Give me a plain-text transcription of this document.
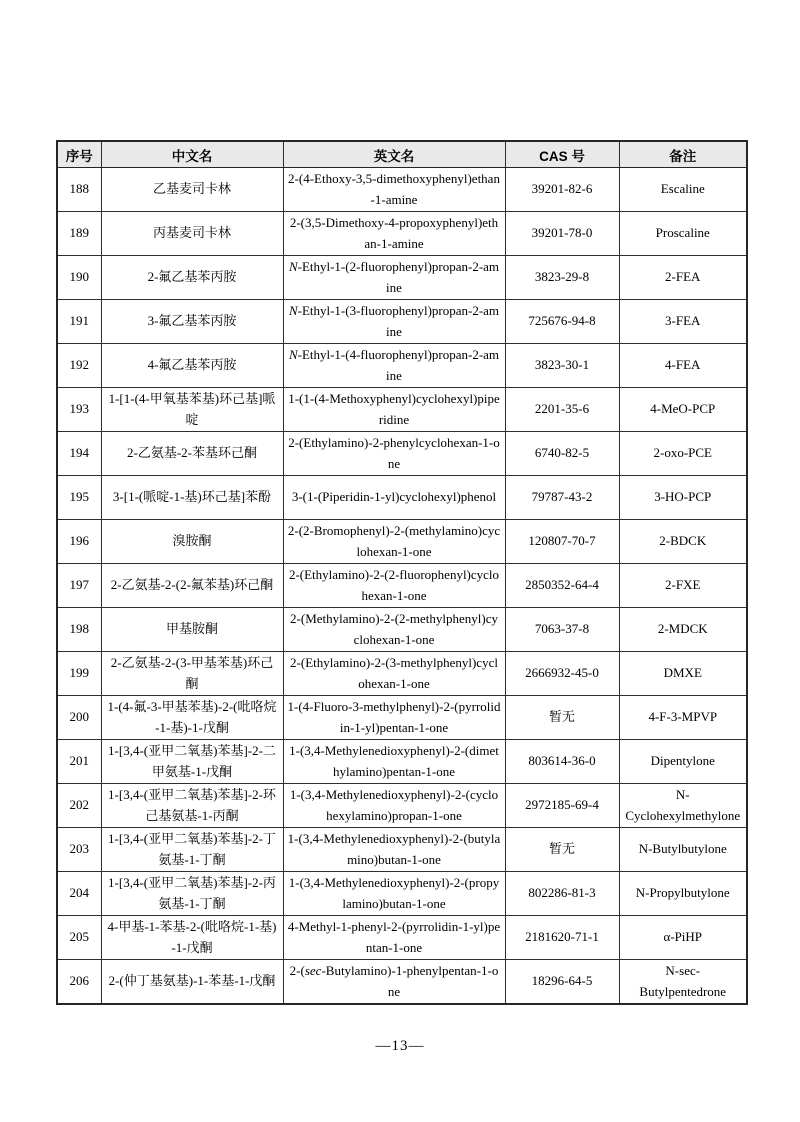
序号	中文名	英文名	CAS 号	备注
188	乙基麦司卡林	2-(4-Ethoxy-3,5-dimethoxyphenyl)ethan-1-amine	39201-82-6	Escaline
189	丙基麦司卡林	2-(3,5-Dimethoxy-4-propoxyphenyl)ethan-1-amine	39201-78-0	Proscaline
190	2-氟乙基苯丙胺	N-Ethyl-1-(2-fluorophenyl)propan-2-amine	3823-29-8	2-FEA
191	3-氟乙基苯丙胺	N-Ethyl-1-(3-fluorophenyl)propan-2-amine	725676-94-8	3-FEA
192	4-氟乙基苯丙胺	N-Ethyl-1-(4-fluorophenyl)propan-2-amine	3823-30-1	4-FEA
193	1-[1-(4-甲氧基苯基)环己基]哌啶	1-(1-(4-Methoxyphenyl)cyclohexyl)piperidine	2201-35-6	4-MeO-PCP
194	2-乙氨基-2-苯基环己酮	2-(Ethylamino)-2-phenylcyclohexan-1-one	6740-82-5	2-oxo-PCE
195	3-[1-(哌啶-1-基)环己基]苯酚	3-(1-(Piperidin-1-yl)cyclohexyl)phenol	79787-43-2	3-HO-PCP
196	溴胺酮	2-(2-Bromophenyl)-2-(methylamino)cyclohexan-1-one	120807-70-7	2-BDCK
197	2-乙氨基-2-(2-氟苯基)环己酮	2-(Ethylamino)-2-(2-fluorophenyl)cyclohexan-1-one	2850352-64-4	2-FXE
198	甲基胺酮	2-(Methylamino)-2-(2-methylphenyl)cyclohexan-1-one	7063-37-8	2-MDCK
199	2-乙氨基-2-(3-甲基苯基)环己酮	2-(Ethylamino)-2-(3-methylphenyl)cyclohexan-1-one	2666932-45-0	DMXE
200	1-(4-氟-3-甲基苯基)-2-(吡咯烷-1-基)-1-戊酮	1-(4-Fluoro-3-methylphenyl)-2-(pyrrolidin-1-yl)pentan-1-one	暂无	4-F-3-MPVP
201	1-[3,4-(亚甲二氧基)苯基]-2-二甲氨基-1-戊酮	1-(3,4-Methylenedioxyphenyl)-2-(dimethylamino)pentan-1-one	803614-36-0	Dipentylone
202	1-[3,4-(亚甲二氧基)苯基]-2-环己基氨基-1-丙酮	1-(3,4-Methylenedioxyphenyl)-2-(cyclohexylamino)propan-1-one	2972185-69-4	N-Cyclohexylmethylone
203	1-[3,4-(亚甲二氧基)苯基]-2-丁氨基-1-丁酮	1-(3,4-Methylenedioxyphenyl)-2-(butylamino)butan-1-one	暂无	N-Butylbutylone
204	1-[3,4-(亚甲二氧基)苯基]-2-丙氨基-1-丁酮	1-(3,4-Methylenedioxyphenyl)-2-(propylamino)butan-1-one	802286-81-3	N-Propylbutylone
205	4-甲基-1-苯基-2-(吡咯烷-1-基)-1-戊酮	4-Methyl-1-phenyl-2-(pyrrolidin-1-yl)pentan-1-one	2181620-71-1	α-PiHP
206	2-(仲丁基氨基)-1-苯基-1-戊酮	2-(sec-Butylamino)-1-phenylpentan-1-one	18296-64-5	N-sec-Butylpentedrone
—13—
